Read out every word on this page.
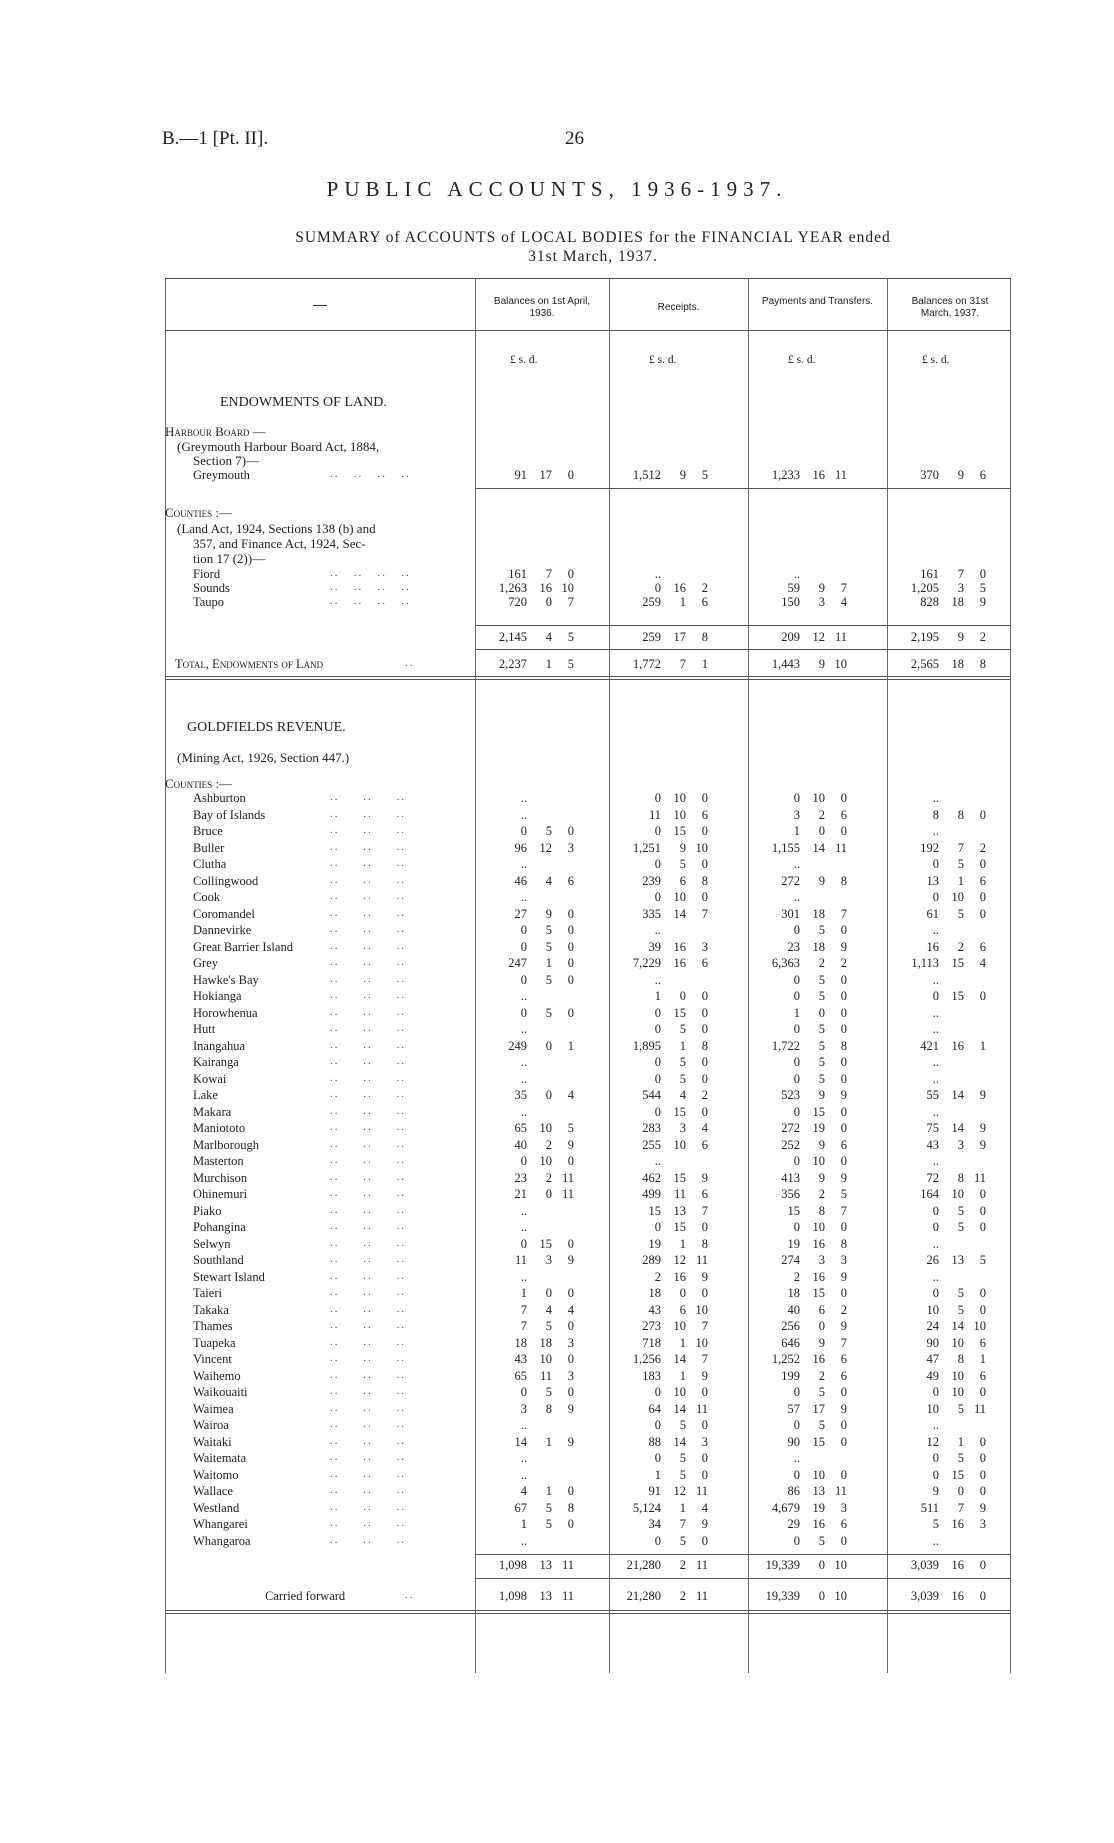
B.—1 [Pt. II].	26
PUBLIC ACCOUNTS, 1936-1937.
SUMMARY of ACCOUNTS of LOCAL BODIES for the FINANCIAL YEAR ended
31st March, 1937.
—	Balances on 1st April, 1936.
Receipts.
Payments and Transfers.	Balances on 31st March, 1937.
£ s. d.	£ s. d.	£ s. d.	£ s. d.
ENDOWMENTS OF LAND.
Harbour Board —
(Greymouth Harbour Board Act, 1884,
Section 7)—
Greymouth	..   ..   ..   ..	91 17 0	1,512 9 5	1,233 16 11	370 9 6
Counties :—
(Land Act, 1924, Sections 138 (b) and
357, and Finance Act, 1924, Sec-
tion 17 (2))—
Fiord	..   ..   ..   ..	161 7 0	..	..	161 7 0
Sounds	..   ..   ..   ..	1,263 16 10	0 16 2	59 9 7	1,205 3 5
Taupo	..   ..   ..   ..	720 0 7	259 1 6	150 3 4	828 18 9
2,145 4 5	259 17 8	209 12 11	2,195 9 2
Total, Endowments of Land	..	2,237 1 5	1,772 7 1	1,443 9 10	2,565 18 8
GOLDFIELDS REVENUE.
(Mining Act, 1926, Section 447.)
Counties :—
Ashburton	..     ..     ..	..	0 10 0	0 10 0	..
Bay of Islands	..     ..     ..	..	11 10 6	3 2 6	8 8 0
Bruce	..     ..     ..	0 5 0	0 15 0	1 0 0	..
Buller	..     ..     ..	96 12 3	1,251 9 10	1,155 14 11	192 7 2
Clutha	..     ..     ..	..	0 5 0	..	0 5 0
Collingwood	..     ..     ..	46 4 6	239 6 8	272 9 8	13 1 6
Cook	..     ..     ..	..	0 10 0	..	0 10 0
Coromandel	..     ..     ..	27 9 0	335 14 7	301 18 7	61 5 0
Dannevirke	..     ..     ..	0 5 0	..	0 5 0	..
Great Barrier Island	..     ..     ..	0 5 0	39 16 3	23 18 9	16 2 6
Grey	..     ..     ..	247 1 0	7,229 16 6	6,363 2 2	1,113 15 4
Hawke's Bay	..     ..     ..	0 5 0	..	0 5 0	..
Hokianga	..     ..     ..	..	1 0 0	0 5 0	0 15 0
Horowhenua	..     ..     ..	0 5 0	0 15 0	1 0 0	..
Hutt	..     ..     ..	..	0 5 0	0 5 0	..
Inangahua	..     ..     ..	249 0 1	1,895 1 8	1,722 5 8	421 16 1
Kairanga	..     ..     ..	..	0 5 0	0 5 0	..
Kowai	..     ..     ..	..	0 5 0	0 5 0	..
Lake	..     ..     ..	35 0 4	544 4 2	523 9 9	55 14 9
Makara	..     ..     ..	..	0 15 0	0 15 0	..
Maniototo	..     ..     ..	65 10 5	283 3 4	272 19 0	75 14 9
Marlborough	..     ..     ..	40 2 9	255 10 6	252 9 6	43 3 9
Masterton	..     ..     ..	0 10 0	..	0 10 0	..
Murchison	..     ..     ..	23 2 11	462 15 9	413 9 9	72 8 11
Ohinemuri	..     ..     ..	21 0 11	499 11 6	356 2 5	164 10 0
Piako	..     ..     ..	..	15 13 7	15 8 7	0 5 0
Pohangina	..     ..     ..	..	0 15 0	0 10 0	0 5 0
Selwyn	..     ..     ..	0 15 0	19 1 8	19 16 8	..
Southland	..     ..     ..	11 3 9	289 12 11	274 3 3	26 13 5
Stewart Island	..     ..     ..	..	2 16 9	2 16 9	..
Taieri	..     ..     ..	1 0 0	18 0 0	18 15 0	0 5 0
Takaka	..     ..     ..	7 4 4	43 6 10	40 6 2	10 5 0
Thames	..     ..     ..	7 5 0	273 10 7	256 0 9	24 14 10
Tuapeka	..     ..     ..	18 18 3	718 1 10	646 9 7	90 10 6
Vincent	..     ..     ..	43 10 0	1,256 14 7	1,252 16 6	47 8 1
Waihemo	..     ..     ..	65 11 3	183 1 9	199 2 6	49 10 6
Waikouaiti	..     ..     ..	0 5 0	0 10 0	0 5 0	0 10 0
Waimea	..     ..     ..	3 8 9	64 14 11	57 17 9	10 5 11
Wairoa	..     ..     ..	..	0 5 0	0 5 0	..
Waitaki	..     ..     ..	14 1 9	88 14 3	90 15 0	12 1 0
Waitemata	..     ..     ..	..	0 5 0	..	0 5 0
Waitomo	..     ..     ..	..	1 5 0	0 10 0	0 15 0
Wallace	..     ..     ..	4 1 0	91 12 11	86 13 11	9 0 0
Westland	..     ..     ..	67 5 8	5,124 1 4	4,679 19 3	511 7 9
Whangarei	..     ..     ..	1 5 0	34 7 9	29 16 6	5 16 3
Whangaroa	..     ..     ..	..	0 5 0	0 5 0	..
1,098 13 11	21,280 2 11	19,339 0 10	3,039 16 0
Carried forward	..	1,098 13 11	21,280 2 11	19,339 0 10	3,039 16 0
